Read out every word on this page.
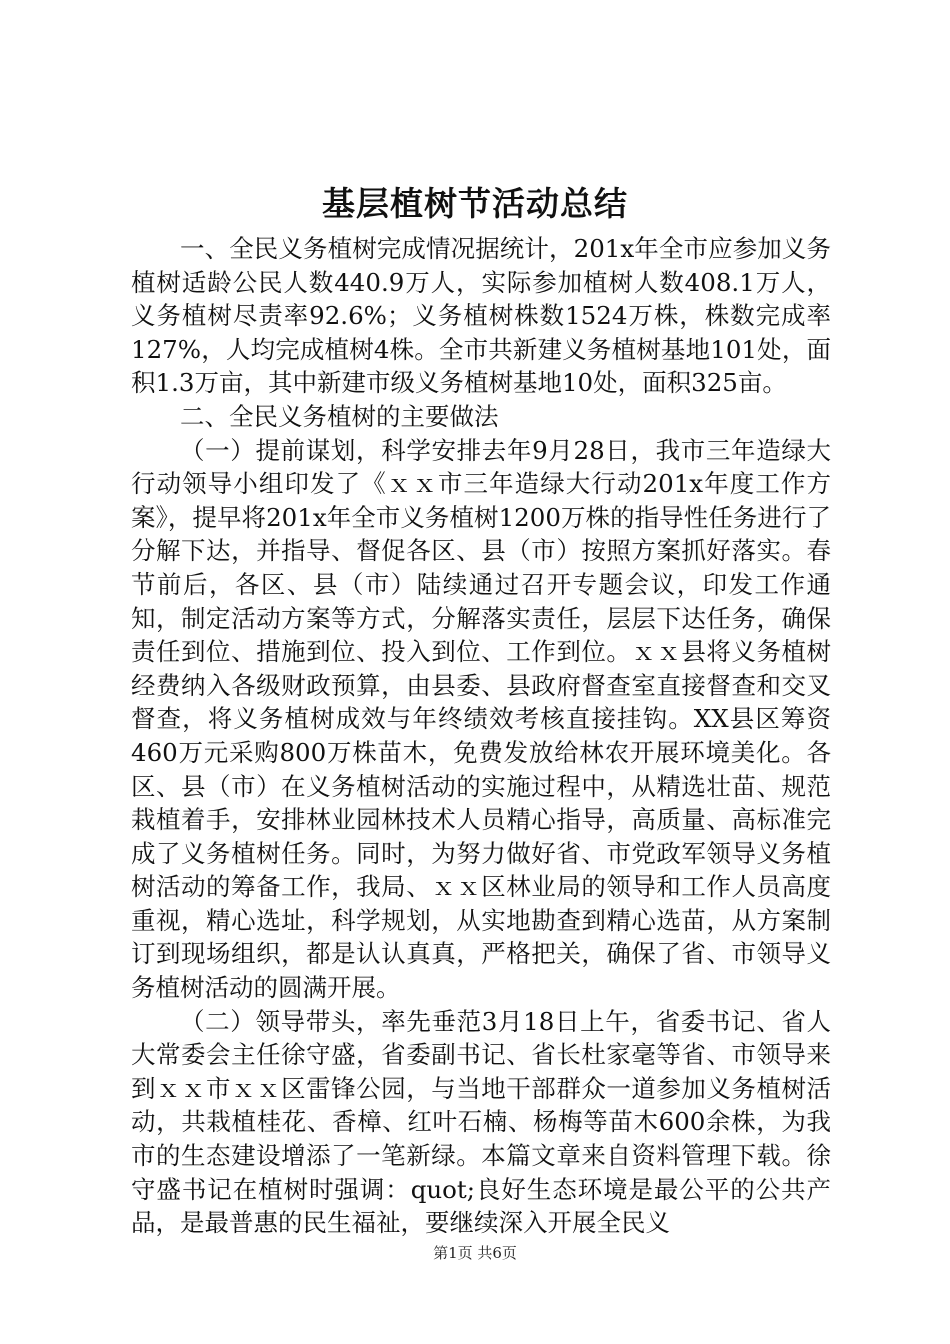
基层植树节活动总结

一、全民义务植树完成情况据统计，201x年全市应参加义务植树适龄公民人数440.9万人，实际参加植树人数408.1万人，义务植树尽责率92.6%；义务植树株数1524万株，株数完成率127%，人均完成植树4株。全市共新建义务植树基地101处，面积1.3万亩，其中新建市级义务植树基地10处，面积325亩。

二、全民义务植树的主要做法

（一）提前谋划，科学安排去年9月28日，我市三年造绿大行动领导小组印发了《ｘｘ市三年造绿大行动201x年度工作方案》，提早将201x年全市义务植树1200万株的指导性任务进行了分解下达，并指导、督促各区、县（市）按照方案抓好落实。春节前后，各区、县（市）陆续通过召开专题会议，印发工作通知，制定活动方案等方式，分解落实责任，层层下达任务，确保责任到位、措施到位、投入到位、工作到位。ｘｘ县将义务植树经费纳入各级财政预算，由县委、县政府督查室直接督查和交叉督查，将义务植树成效与年终绩效考核直接挂钩。XX县区筹资460万元采购800万株苗木，免费发放给林农开展环境美化。各区、县（市）在义务植树活动的实施过程中，从精选壮苗、规范栽植着手，安排林业园林技术人员精心指导，高质量、高标准完成了义务植树任务。同时，为努力做好省、市党政军领导义务植树活动的筹备工作，我局、ｘｘ区林业局的领导和工作人员高度重视，精心选址，科学规划，从实地勘查到精心选苗，从方案制订到现场组织，都是认认真真，严格把关，确保了省、市领导义务植树活动的圆满开展。

（二）领导带头，率先垂范3月18日上午，省委书记、省人大常委会主任徐守盛，省委副书记、省长杜家毫等省、市领导来到ｘｘ市ｘｘ区雷锋公园，与当地干部群众一道参加义务植树活动，共栽植桂花、香樟、红叶石楠、杨梅等苗木600余株，为我市的生态建设增添了一笔新绿。本篇文章来自资料管理下载。徐守盛书记在植树时强调：quot;良好生态环境是最公平的公共产品，是最普惠的民生福祉，要继续深入开展全民义

第1页 共6页
